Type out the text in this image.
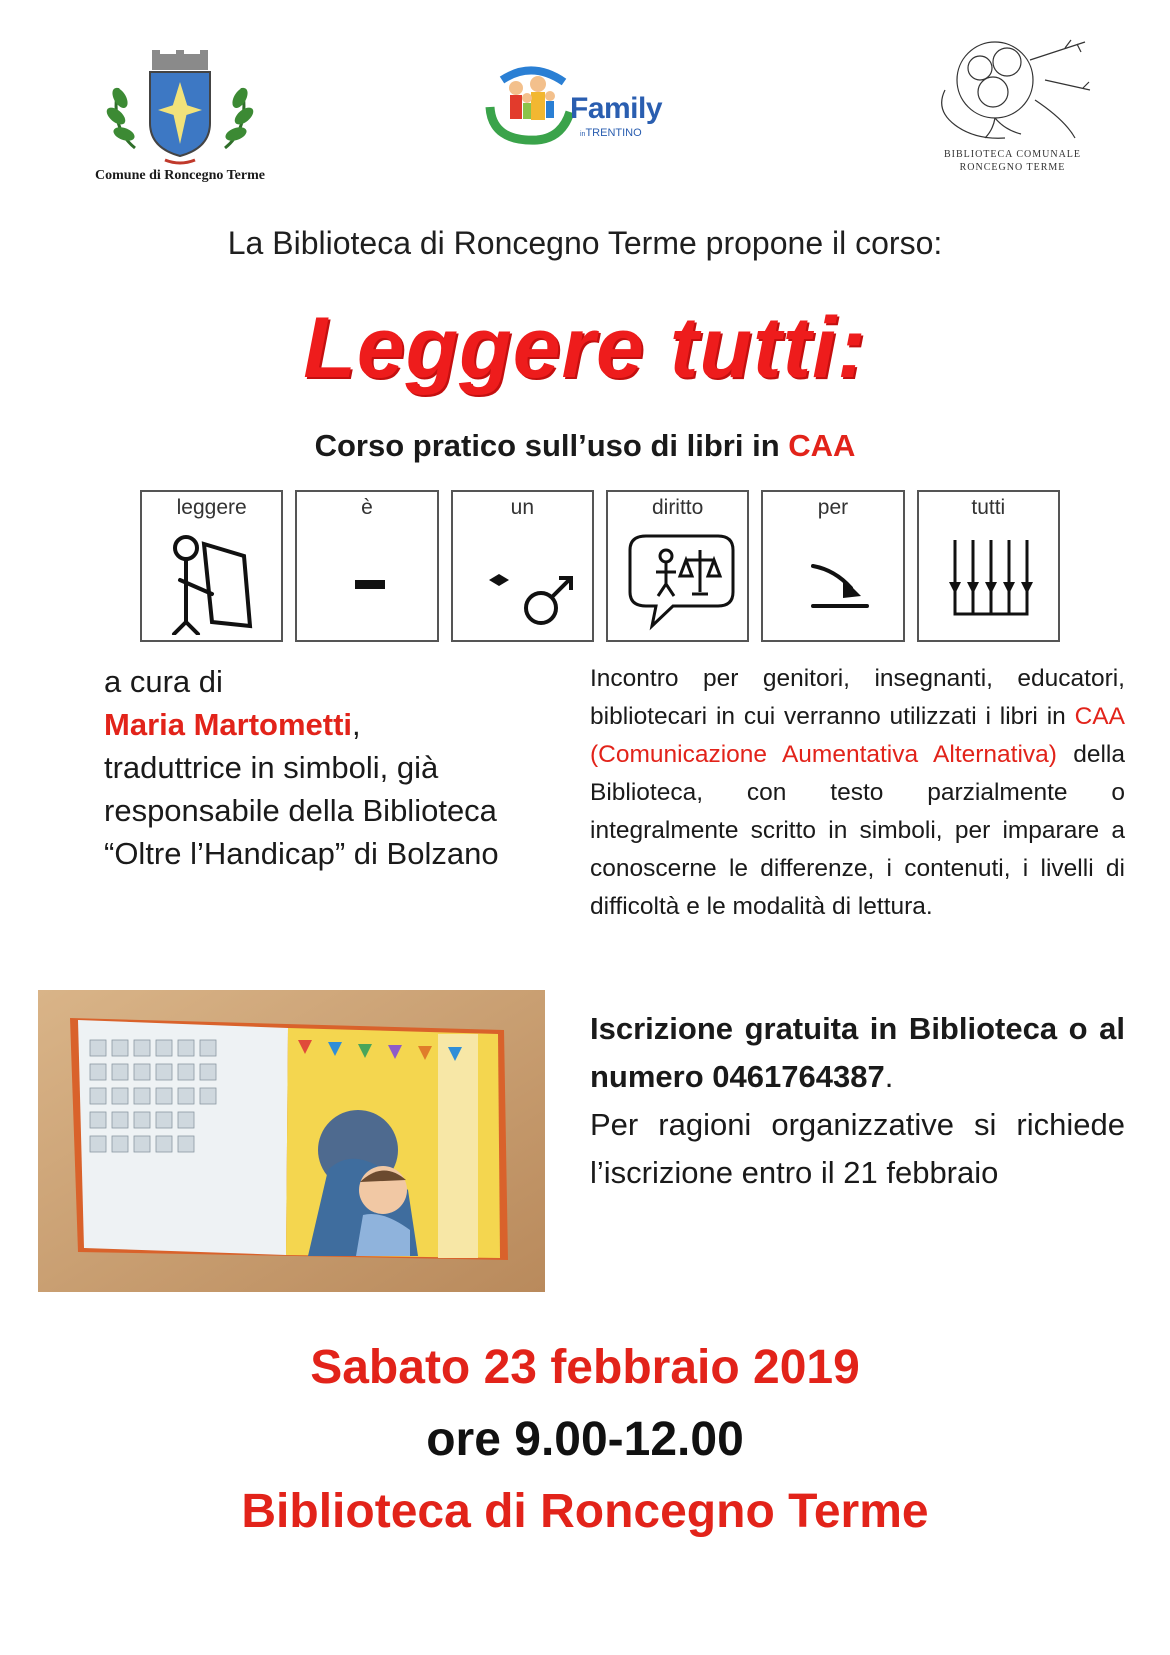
Comune di Roncegno Terme
Family
inTRENTINO
BIBLIOTECA COMUNALE
RONCEGNO TERME
La Biblioteca di Roncegno Terme propone il corso:
Leggere tutti:
Corso pratico sull’uso di libri in CAA
leggere	è	un	diritto	per	tutti
a cura di
Maria Martometti,
traduttrice in simboli, già responsabile della Biblioteca “Oltre l’Handicap” di Bolzano
Incontro per genitori, insegnanti, educatori, bibliotecari in cui verranno utilizzati i libri in CAA (Comunicazione Aumentativa Alternativa) della Biblioteca, con testo parzialmente o integralmente scritto in simboli, per imparare a conoscerne le differenze, i contenuti, i livelli di difficoltà e le modalità di lettura.
Iscrizione gratuita in Biblioteca o al numero 0461764387.
Per ragioni organizzative si richiede l’iscrizione entro il 21 febbraio
Sabato 23 febbraio 2019
ore 9.00-12.00
Biblioteca di Roncegno Terme
